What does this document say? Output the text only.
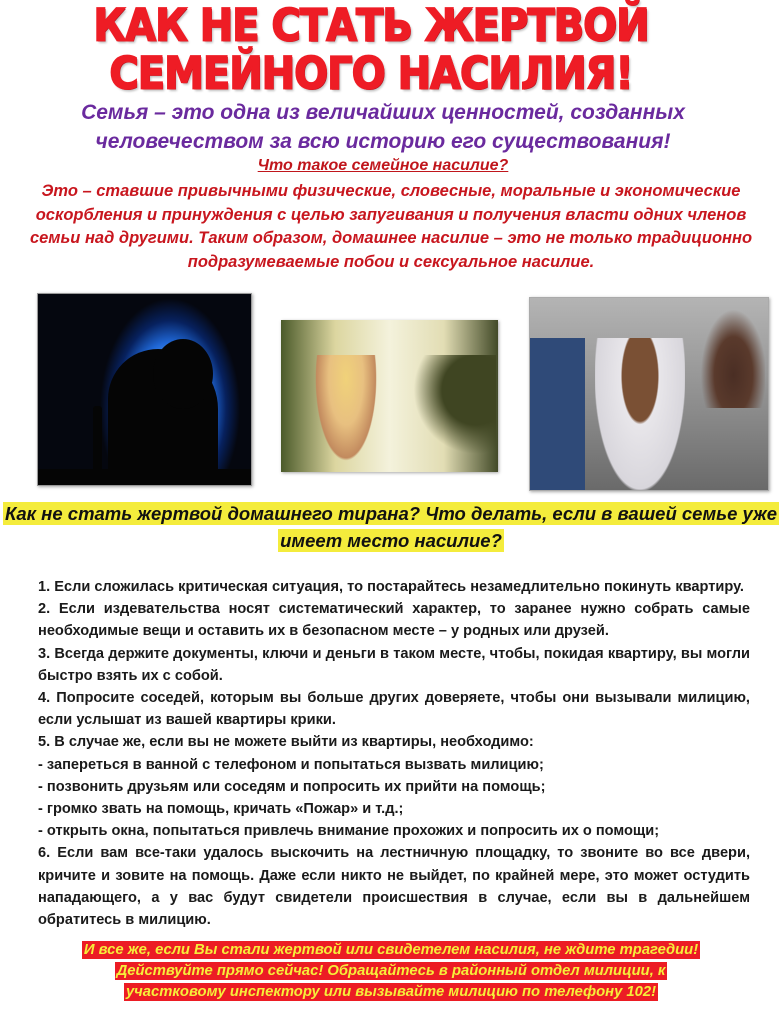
КАК НЕ СТАТЬ ЖЕРТВОЙ
СЕМЕЙНОГО НАСИЛИЯ!
Семья – это одна из величайших ценностей, созданных
человечеством за всю историю его существования!
Что такое семейное насилие?
Это – ставшие привычными физические, словесные, моральные и экономические оскорбления и принуждения с целью запугивания и получения власти одних членов семьи над другими. Таким образом, домашнее насилие – это не только традиционно подразумеваемые побои и сексуальное насилие.
Как не стать жертвой домашнего тирана? Что делать, если в вашей семье уже имеет место насилие?

1. Если сложилась критическая ситуация, то постарайтесь незамедлительно покинуть квартиру.

2. Если издевательства носят систематический характер, то заранее нужно собрать самые необходимые вещи и оставить их в безопасном месте – у родных или друзей.

3. Всегда держите документы, ключи и деньги в таком месте, чтобы, покидая квартиру, вы могли быстро взять их с собой.

4. Попросите соседей, которым вы больше других доверяете, чтобы они вызывали милицию, если услышат из вашей квартиры крики.

5. В случае же, если вы не можете выйти из квартиры, необходимо:

- запереться в ванной с телефоном и попытаться вызвать милицию;

- позвонить друзьям или соседям и попросить их прийти на помощь;

- громко звать на помощь, кричать «Пожар» и т.д.;

- открыть окна, попытаться привлечь внимание прохожих и попросить их о помощи;

6. Если вам все-таки удалось выскочить на лестничную площадку, то звоните во все двери, кричите и зовите на помощь. Даже если никто не выйдет, по крайней мере, это может остудить нападающего, а у вас будут свидетели происшествия в случае, если вы в дальнейшем обратитесь в милицию.

И все же, если Вы стали жертвой или свидетелем насилия, не ждите трагедии!
Действуйте прямо сейчас! Обращайтесь в районный отдел милиции, к
участковому инспектору или вызывайте милицию по телефону 102!
